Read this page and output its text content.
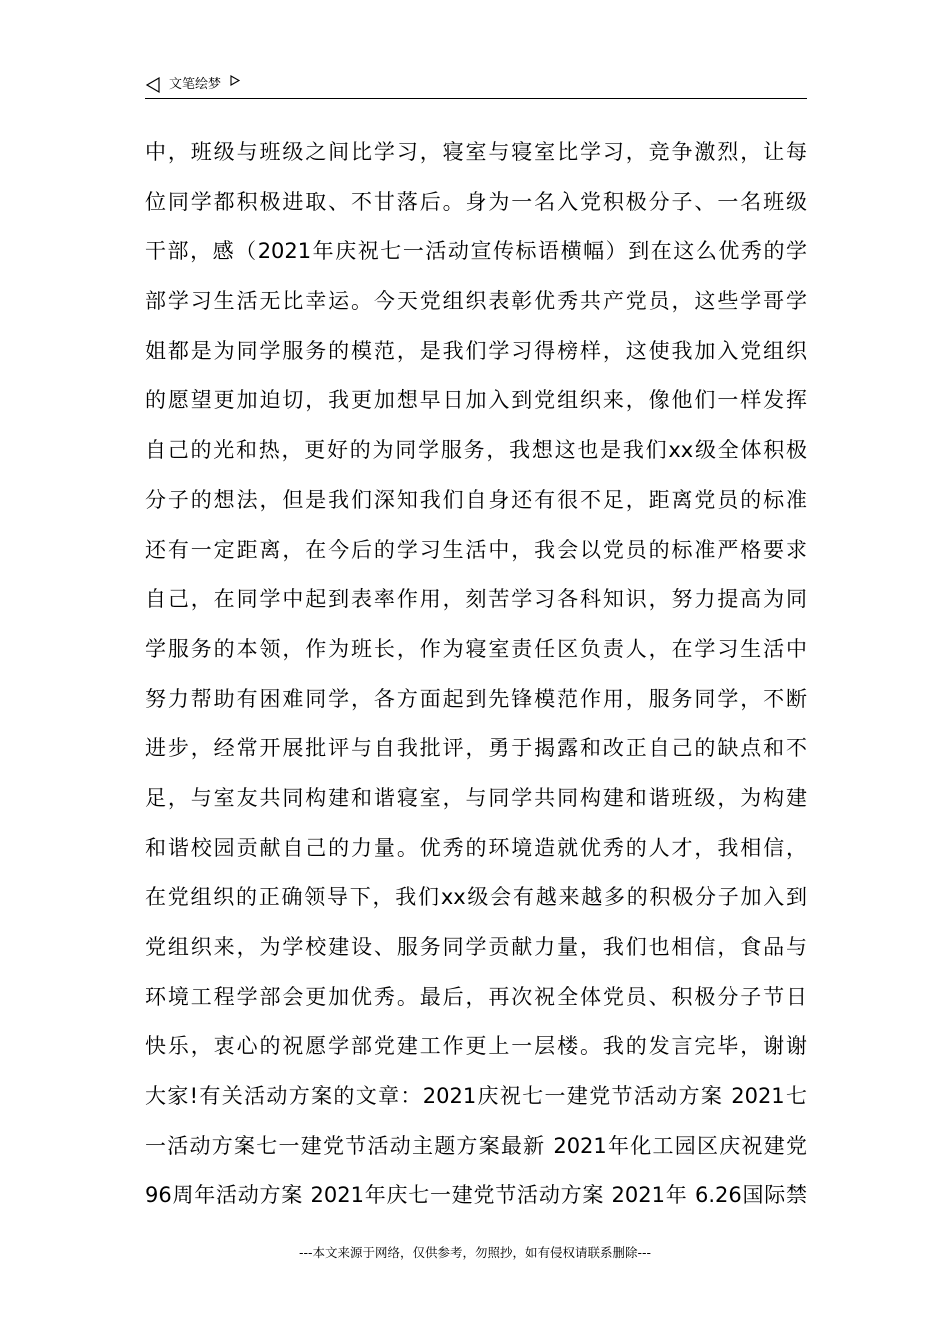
文笔绘梦
中，班级与班级之间比学习，寝室与寝室比学习，竞争激烈，让每
位同学都积极进取、不甘落后。身为一名入党积极分子、一名班级
干部，感（2021年庆祝七一活动宣传标语横幅）到在这么优秀的学
部学习生活无比幸运。今天党组织表彰优秀共产党员，这些学哥学
姐都是为同学服务的模范，是我们学习得榜样，这使我加入党组织
的愿望更加迫切，我更加想早日加入到党组织来，像他们一样发挥
自己的光和热，更好的为同学服务，我想这也是我们xx级全体积极
分子的想法，但是我们深知我们自身还有很不足，距离党员的标准
还有一定距离，在今后的学习生活中，我会以党员的标准严格要求
自己，在同学中起到表率作用，刻苦学习各科知识，努力提高为同
学服务的本领，作为班长，作为寝室责任区负责人，在学习生活中
努力帮助有困难同学，各方面起到先锋模范作用，服务同学，不断
进步，经常开展批评与自我批评，勇于揭露和改正自己的缺点和不
足，与室友共同构建和谐寝室，与同学共同构建和谐班级，为构建
和谐校园贡献自己的力量。优秀的环境造就优秀的人才，我相信，
在党组织的正确领导下，我们xx级会有越来越多的积极分子加入到
党组织来，为学校建设、服务同学贡献力量，我们也相信，食品与
环境工程学部会更加优秀。最后，再次祝全体党员、积极分子节日
快乐，衷心的祝愿学部党建工作更上一层楼。我的发言完毕，谢谢
大家!有关活动方案的文章：2021庆祝七一建党节活动方案 2021七
一活动方案七一建党节活动主题方案最新 2021年化工园区庆祝建党
96周年活动方案 2021年庆七一建党节活动方案 2021年 6.26国际禁
---本文来源于网络，仅供参考，勿照抄，如有侵权请联系删除---
